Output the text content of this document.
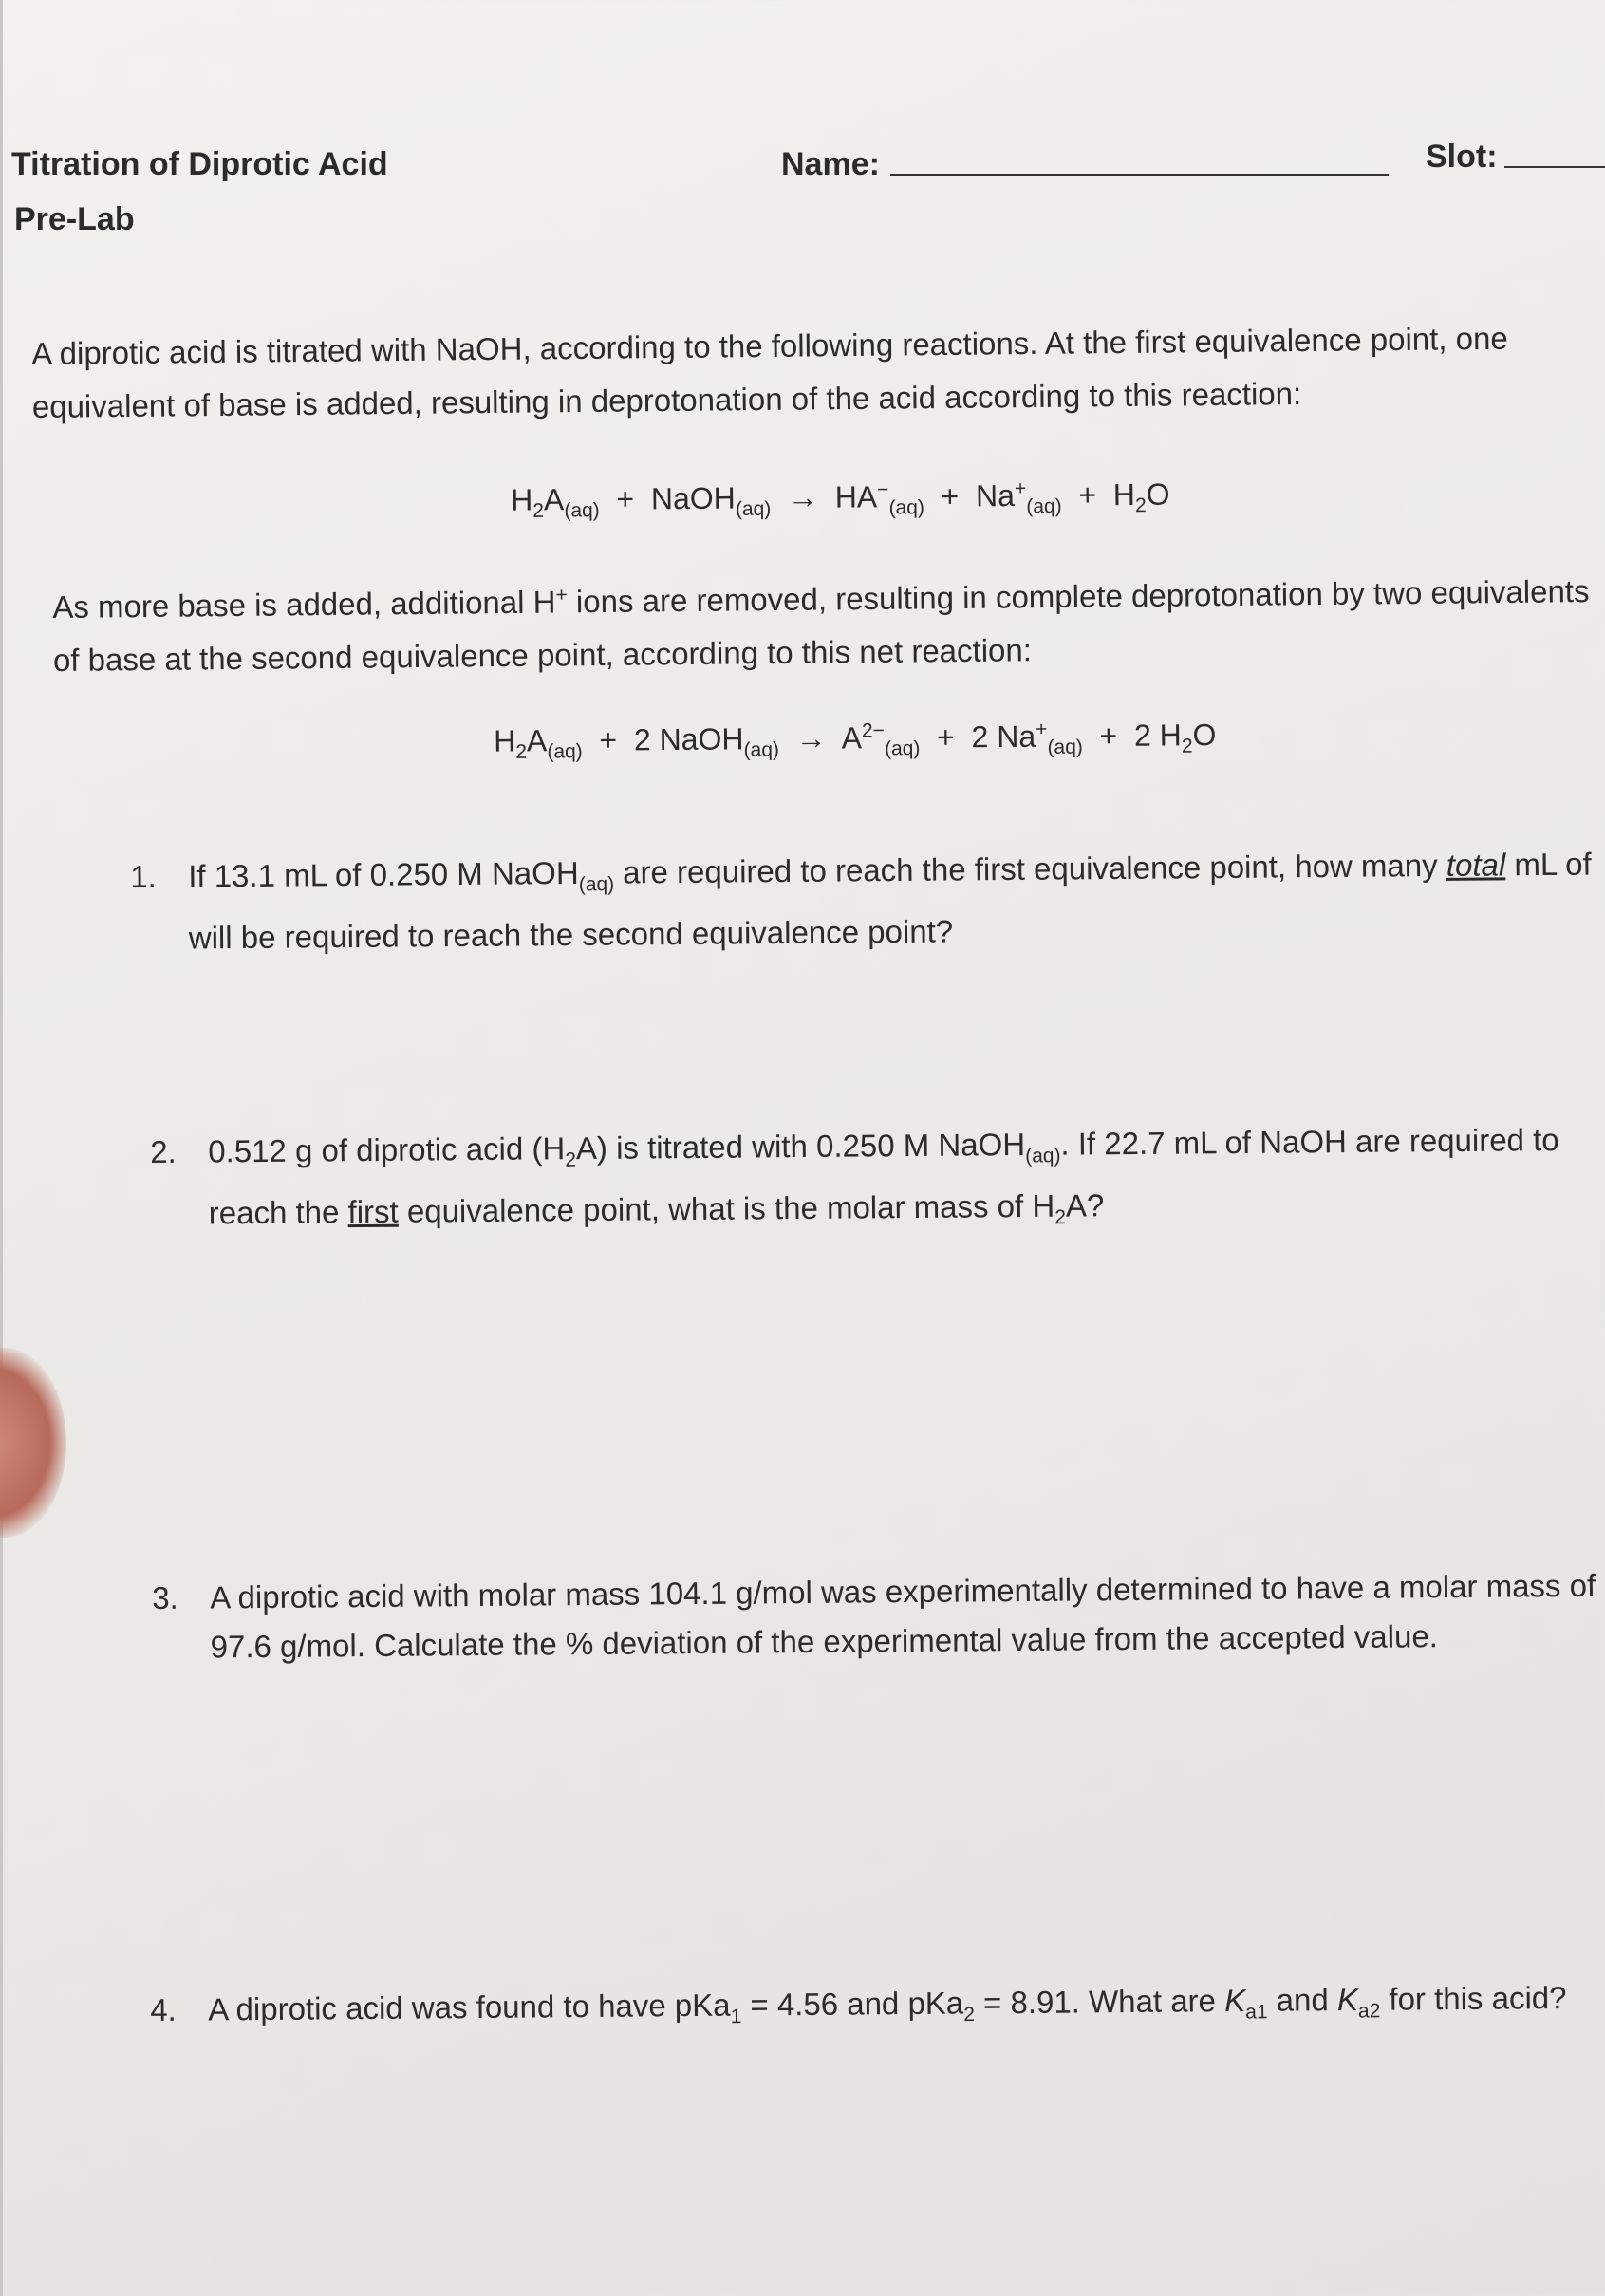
Titration of Diprotic Acid
Pre-Lab
Name:	Slot:
A diprotic acid is titrated with NaOH, according to the following reactions. At the first equivalence point, one equivalent of base is added, resulting in deprotonation of the acid according to this reaction:
$H_2A_{(aq)}$ + NaOH$_{(aq)}$ → $HA^-_{(aq)} + Na^+_{(aq)} + H_2O$
As more base is added, additional H+ ions are removed, resulting in complete deprotonation by two equivalents of base at the second equivalence point, according to this net reaction:
$H_2A_{(aq)} + 2$ NaOH$_{(aq)}$ → $A^{2-}_{(aq)} + 2$ $Na^+_{(aq)} + 2$ $H_2O$
1. If 13.1 mL of 0.250 M NaOH$_{(aq)}$ are required to reach the first equivalence point, how many total mL of will be required to reach the second equivalence point?
2. 0.512 g of diprotic acid $(H_2A)$ is titrated with 0.250 M NaOH$_{(aq)}$. If 22.7 mL of NaOH are required to reach the first equivalence point, what is the molar mass of $H_2A$?
3. A diprotic acid with molar mass 104.1 g/mol was experimentally determined to have a molar mass of 97.6 g/mol. Calculate the % deviation of the experimental value from the accepted value.
4. A diprotic acid was found to have pKa$_1$ = 4.56 and pKa$_2$ = 8.91. What are $K_{a1}$ and $K_{a2}$ for this acid?
